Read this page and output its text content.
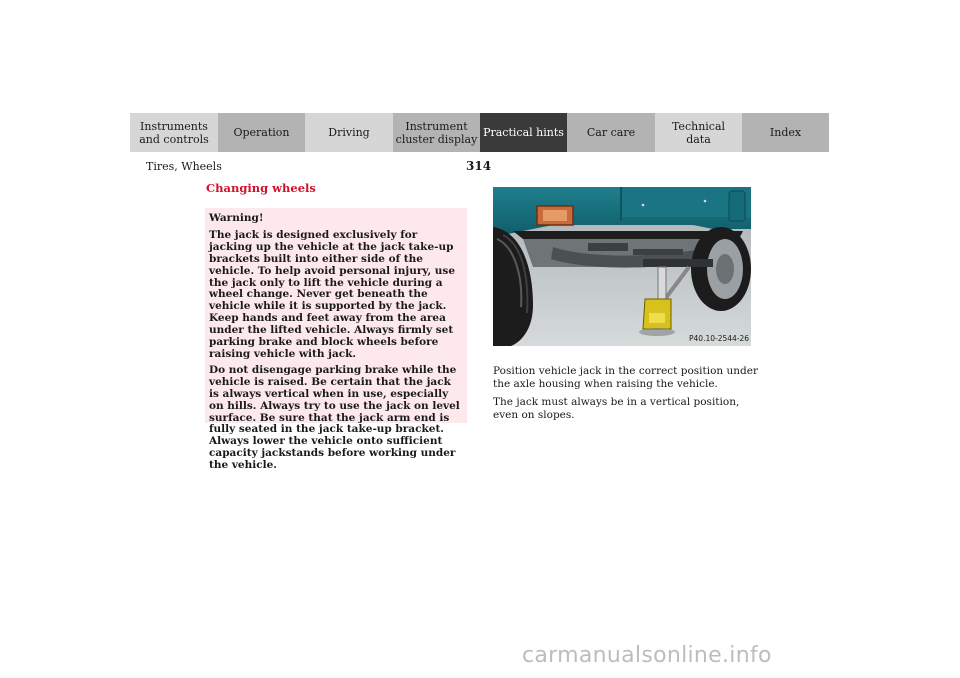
Instruments
and controls	Operation	Driving	Instrument
cluster display Practical hints	Car care	Technical
data	Index
Tires, Wheels	314
Changing wheels

Warning!

The jack is designed exclusively for jacking up the vehicle at the jack take-up brackets built into either side of the vehicle. To help avoid personal injury, use the jack only to lift the vehicle during a wheel change. Never get beneath the vehicle while it is supported by the jack. Keep hands and feet away from the area under the lifted vehicle. Always firmly set parking brake and block wheels before raising vehicle with jack.

Do not disengage parking brake while the vehicle is raised. Be certain that the jack is always vertical when in use, especially on hills. Always try to use the jack on level surface. Be sure that the jack arm end is fully seated in the jack take-up bracket. Always lower the vehicle onto sufficient capacity jackstands before working under the vehicle.

P40.10-2544-26

Position vehicle jack in the correct position under the axle housing when raising the vehicle.

The jack must always be in a vertical position, even on slopes.

carmanualsonline.info
